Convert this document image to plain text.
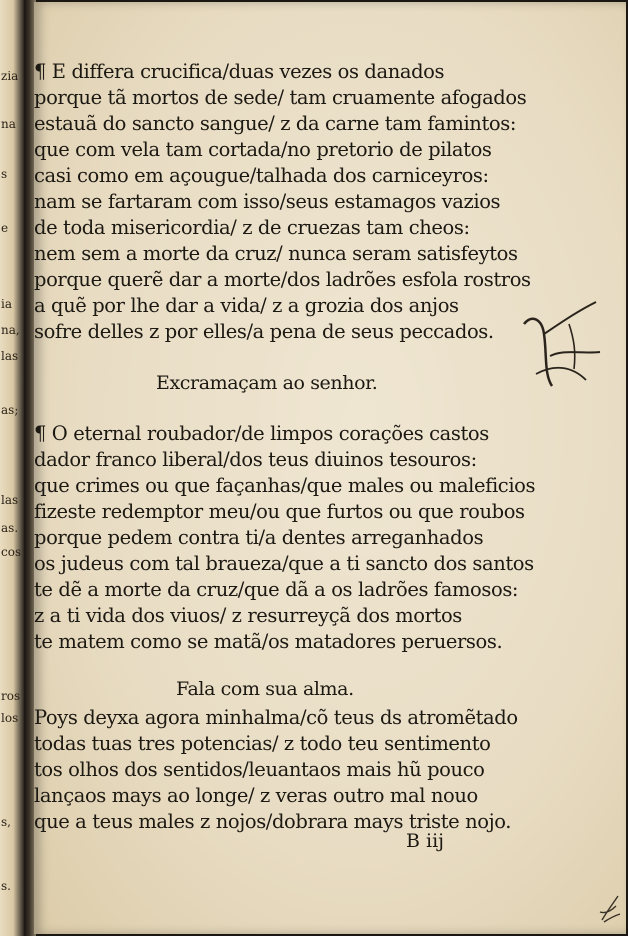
zia
na
s
e
ia
na,
las
as;
las
as.
cos
ros
los
s,
s.
¶ E differa crucifica/duas vezes os danados
porque tã mortos de sede/ tam cruamente afogados
estauã do sancto sangue/ z da carne tam famintos:
que com vela tam cortada/no pretorio de pilatos
casi como em açougue/talhada dos carniceyros:
nam se fartaram com isso/seus estamagos vazios
de toda misericordia/ z de cruezas tam cheos:
nem sem a morte da cruz/ nunca seram satisfeytos
porque querẽ dar a morte/dos ladrões esfola rostros
a quẽ por lhe dar a vida/ z a grozia dos anjos
sofre delles z por elles/a pena de seus peccados.
Excramaçam ao senhor.
¶ O eternal roubador/de limpos corações castos
dador franco liberal/dos teus diuinos tesouros:
que crimes ou que façanhas/que males ou maleficios
fizeste redemptor meu/ou que furtos ou que roubos
porque pedem contra ti/a dentes arreganhados
os judeus com tal braueza/que a ti sancto dos santos
te dẽ a morte da cruz/que dã a os ladrões famosos:
z a ti vida dos viuos/ z resurreyçã dos mortos
te matem como se matã/os matadores peruersos.
Fala com sua alma.
Poys deyxa agora minhalma/cõ teus ds atromẽtado
todas tuas tres potencias/ z todo teu sentimento
tos olhos dos sentidos/leuantaos mais hũ pouco
lançaos mays ao longe/ z veras outro mal nouo
que a teus males z nojos/dobrara mays triste nojo.
B iij
